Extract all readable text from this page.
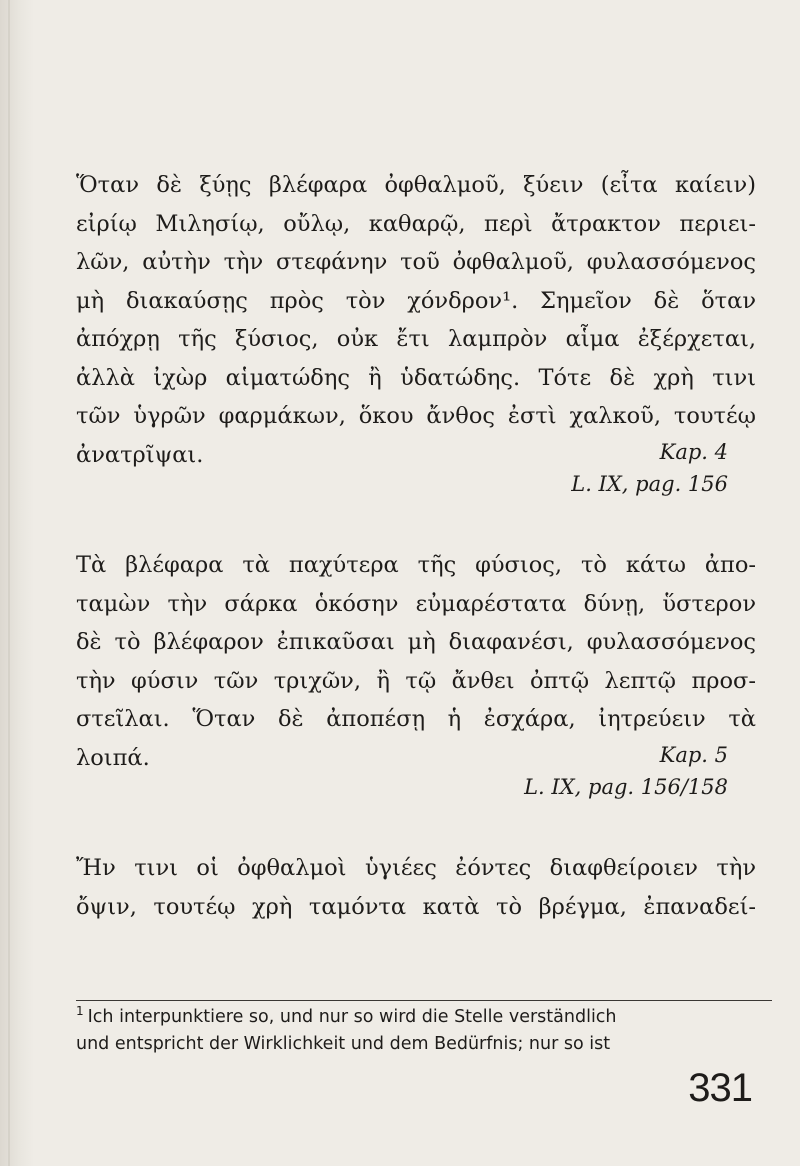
Ὅταν δὲ ξύῃς βλέφαρα ὀφθαλμοῦ, ξύειν (εἶτα καίειν)
εἰρίῳ Μιλησίῳ, οὔλῳ, καθαρῷ, περὶ ἄτρακτον περιει-
λῶν, αὐτὴν τὴν στεφάνην τοῦ ὀφθαλμοῦ, φυλασσόμενος
μὴ διακαύσῃς πρὸς τὸν χόνδρον¹. Σημεῖον δὲ ὅταν
ἀπόχρῃ τῆς ξύσιος, οὐκ ἔτι λαμπρὸν αἷμα ἐξέρχεται,
ἀλλὰ ἰχὼρ αἱματώδης ἢ ὑδατώδης. Τότε δὲ χρὴ τινι
τῶν ὑγρῶν φαρμάκων, ὅκου ἄνθος ἐστὶ χαλκοῦ, τουτέῳ
ἀνατρῖψαι.	Kap. 4
L. IX, pag. 156

Τὰ βλέφαρα τὰ παχύτερα τῆς φύσιος, τὸ κάτω ἀπο-
ταμὼν τὴν σάρκα ὁκόσην εὐμαρέστατα δύνῃ, ὕστερον
δὲ τὸ βλέφαρον ἐπικαῦσαι μὴ διαφανέσι, φυλασσόμενος
τὴν φύσιν τῶν τριχῶν, ἢ τῷ ἄνθει ὀπτῷ λεπτῷ προσ-
στεῖλαι. Ὅταν δὲ ἀποπέσῃ ἡ ἐσχάρα, ἰητρεύειν τὰ
λοιπά.	Kap. 5
L. IX, pag. 156/158

Ἤν τινι οἱ ὀφθαλμοὶ ὑγιέες ἐόντες διαφθείροιεν τὴν
ὄψιν, τουτέῳ χρὴ ταμόντα κατὰ τὸ βρέγμα, ἐπαναδεί-

$^1$ Ich interpunktiere so, und nur so wird die Stelle verständlich
und entspricht der Wirklichkeit und dem Bedürfnis; nur so ist
331
